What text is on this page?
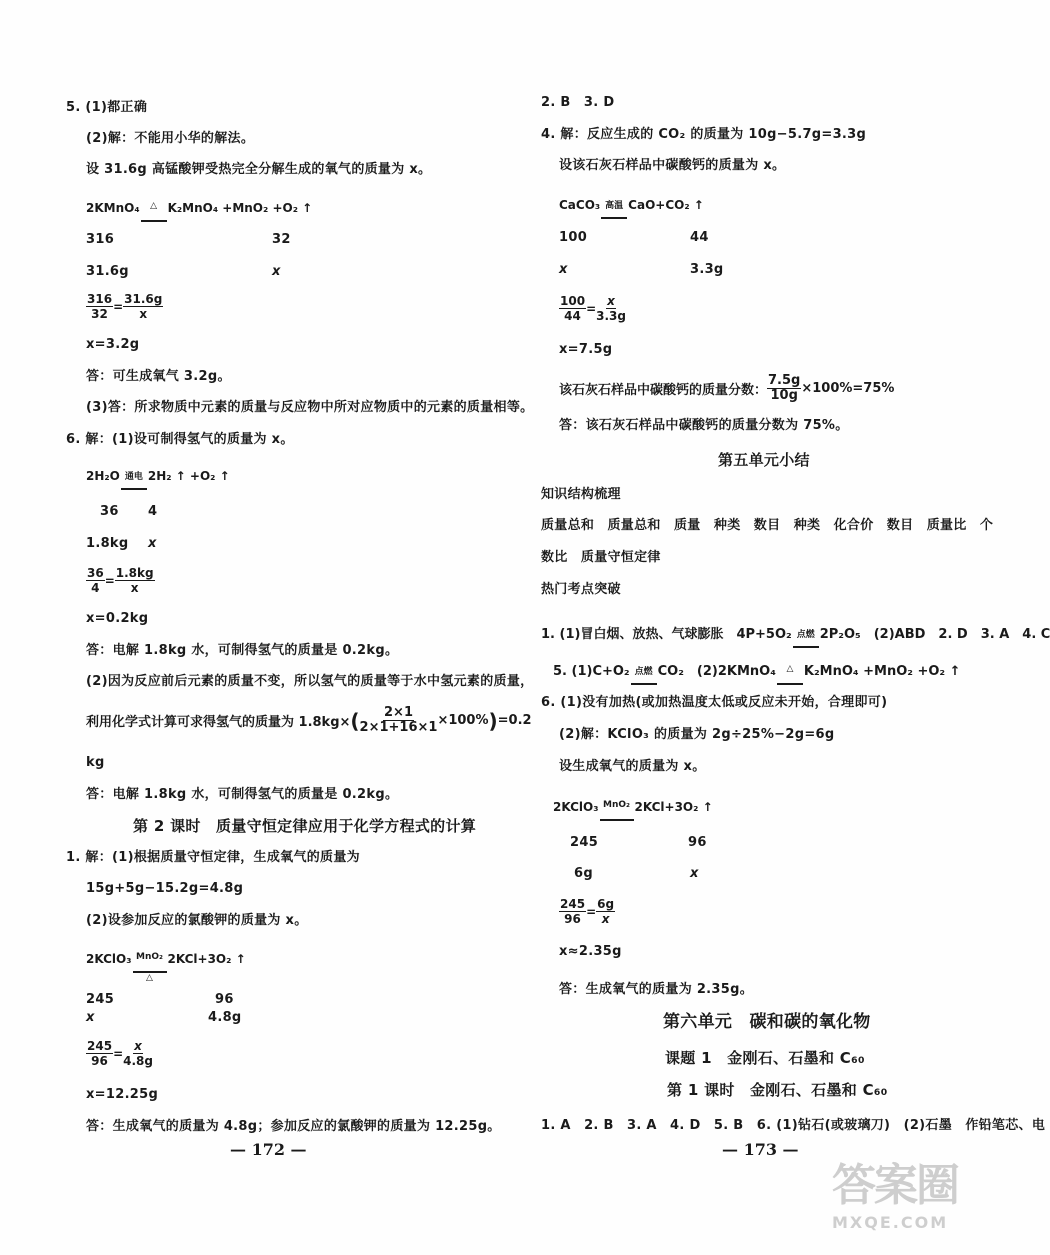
5. (1)都正确
(2)解：不能用小华的解法。
设 31.6g 高锰酸钾受热完全分解生成的氧气的质量为 x。
2KMnO₄	△ K₂MnO₄ +MnO₂ +O₂ ↑
316	32
31.6g	x
$\frac{316}{32} = \frac{31.6g}{x}$
x=3.2g
答：可生成氧气 3.2g。
(3)答：所求物质中元素的质量与反应物中所对应物质中的元素的质量相等。
6. 解：(1)设可制得氢气的质量为 x。
2H₂O 通电 2H₂ ↑ +O₂ ↑
36 4
1.8kg x
$\frac{36}{4} = \frac{1.8kg}{x}$
x=0.2kg
答：电解 1.8kg 水，可制得氢气的质量是 0.2kg。
(2)因为反应前后元素的质量不变，所以氢气的质量等于水中氢元素的质量，
利用化学式计算可求得氢气的质量为 1.8kg× ( $\frac{2\times 1}{2\times 1+16\times 1} \times 100\%$ ) =0.2
kg
答：电解 1.8kg 水，可制得氢气的质量是 0.2kg。
第 2 课时　质量守恒定律应用于化学方程式的计算
1. 解：(1)根据质量守恒定律，生成氧气的质量为
15g+5g−15.2g=4.8g
(2)设参加反应的氯酸钾的质量为 x。
2KClO₃ MnO₂
△
2KCl+3O₂ ↑
245	96
x	4.8g
$\frac{245}{96} = \frac{x}{4.8g}$
x=12.25g
答：生成氧气的质量为 4.8g；参加反应的氯酸钾的质量为 12.25g。
— 172 —
2. B　3. D
4. 解：反应生成的 CO₂ 的质量为 10g−5.7g=3.3g
设该石灰石样品中碳酸钙的质量为 x。
CaCO₃ 高温 CaO+CO₂ ↑
100	44
x	3.3g
$\frac{100}{44} = \frac{x}{3.3g}$
x=7.5g
该石灰石样品中碳酸钙的质量分数： $\frac{7.5g}{10g} \times 100\%=75\%$
答：该石灰石样品中碳酸钙的质量分数为 75%。
第五单元小结
知识结构梳理
质量总和　质量总和　质量　种类　数目　种类　化合价　数目　质量比　个
数比　质量守恒定律
热门考点突破
1. (1)冒白烟、放热、气球膨胀　4P+5O₂ 点燃 2P₂O₅　(2)ABD　2. D　3. A　4. C
5. (1)C+O₂ 点燃 CO₂　(2)2KMnO₄	△ K₂MnO₄ +MnO₂ +O₂ ↑
6. (1)没有加热(或加热温度太低或反应未开始，合理即可)
(2)解：KClO₃ 的质量为 2g÷25%−2g=6g
设生成氧气的质量为 x。
2KClO₃ MnO₂ 2KCl+3O₂ ↑
245	96
6g	x
$\frac{245}{96} = \frac{6g}{x}$
x≈2.35g
答：生成氧气的质量为 2.35g。
第六单元　碳和碳的氧化物
课题 1　金刚石、石墨和 C₆₀
第 1 课时　金刚石、石墨和 C₆₀
1. A　2. B　3. A　4. D　5. B　6. (1)钻石(或玻璃刀)　(2)石墨　作铅笔芯、电
— 173 —
答案圈
MXQE.COM
